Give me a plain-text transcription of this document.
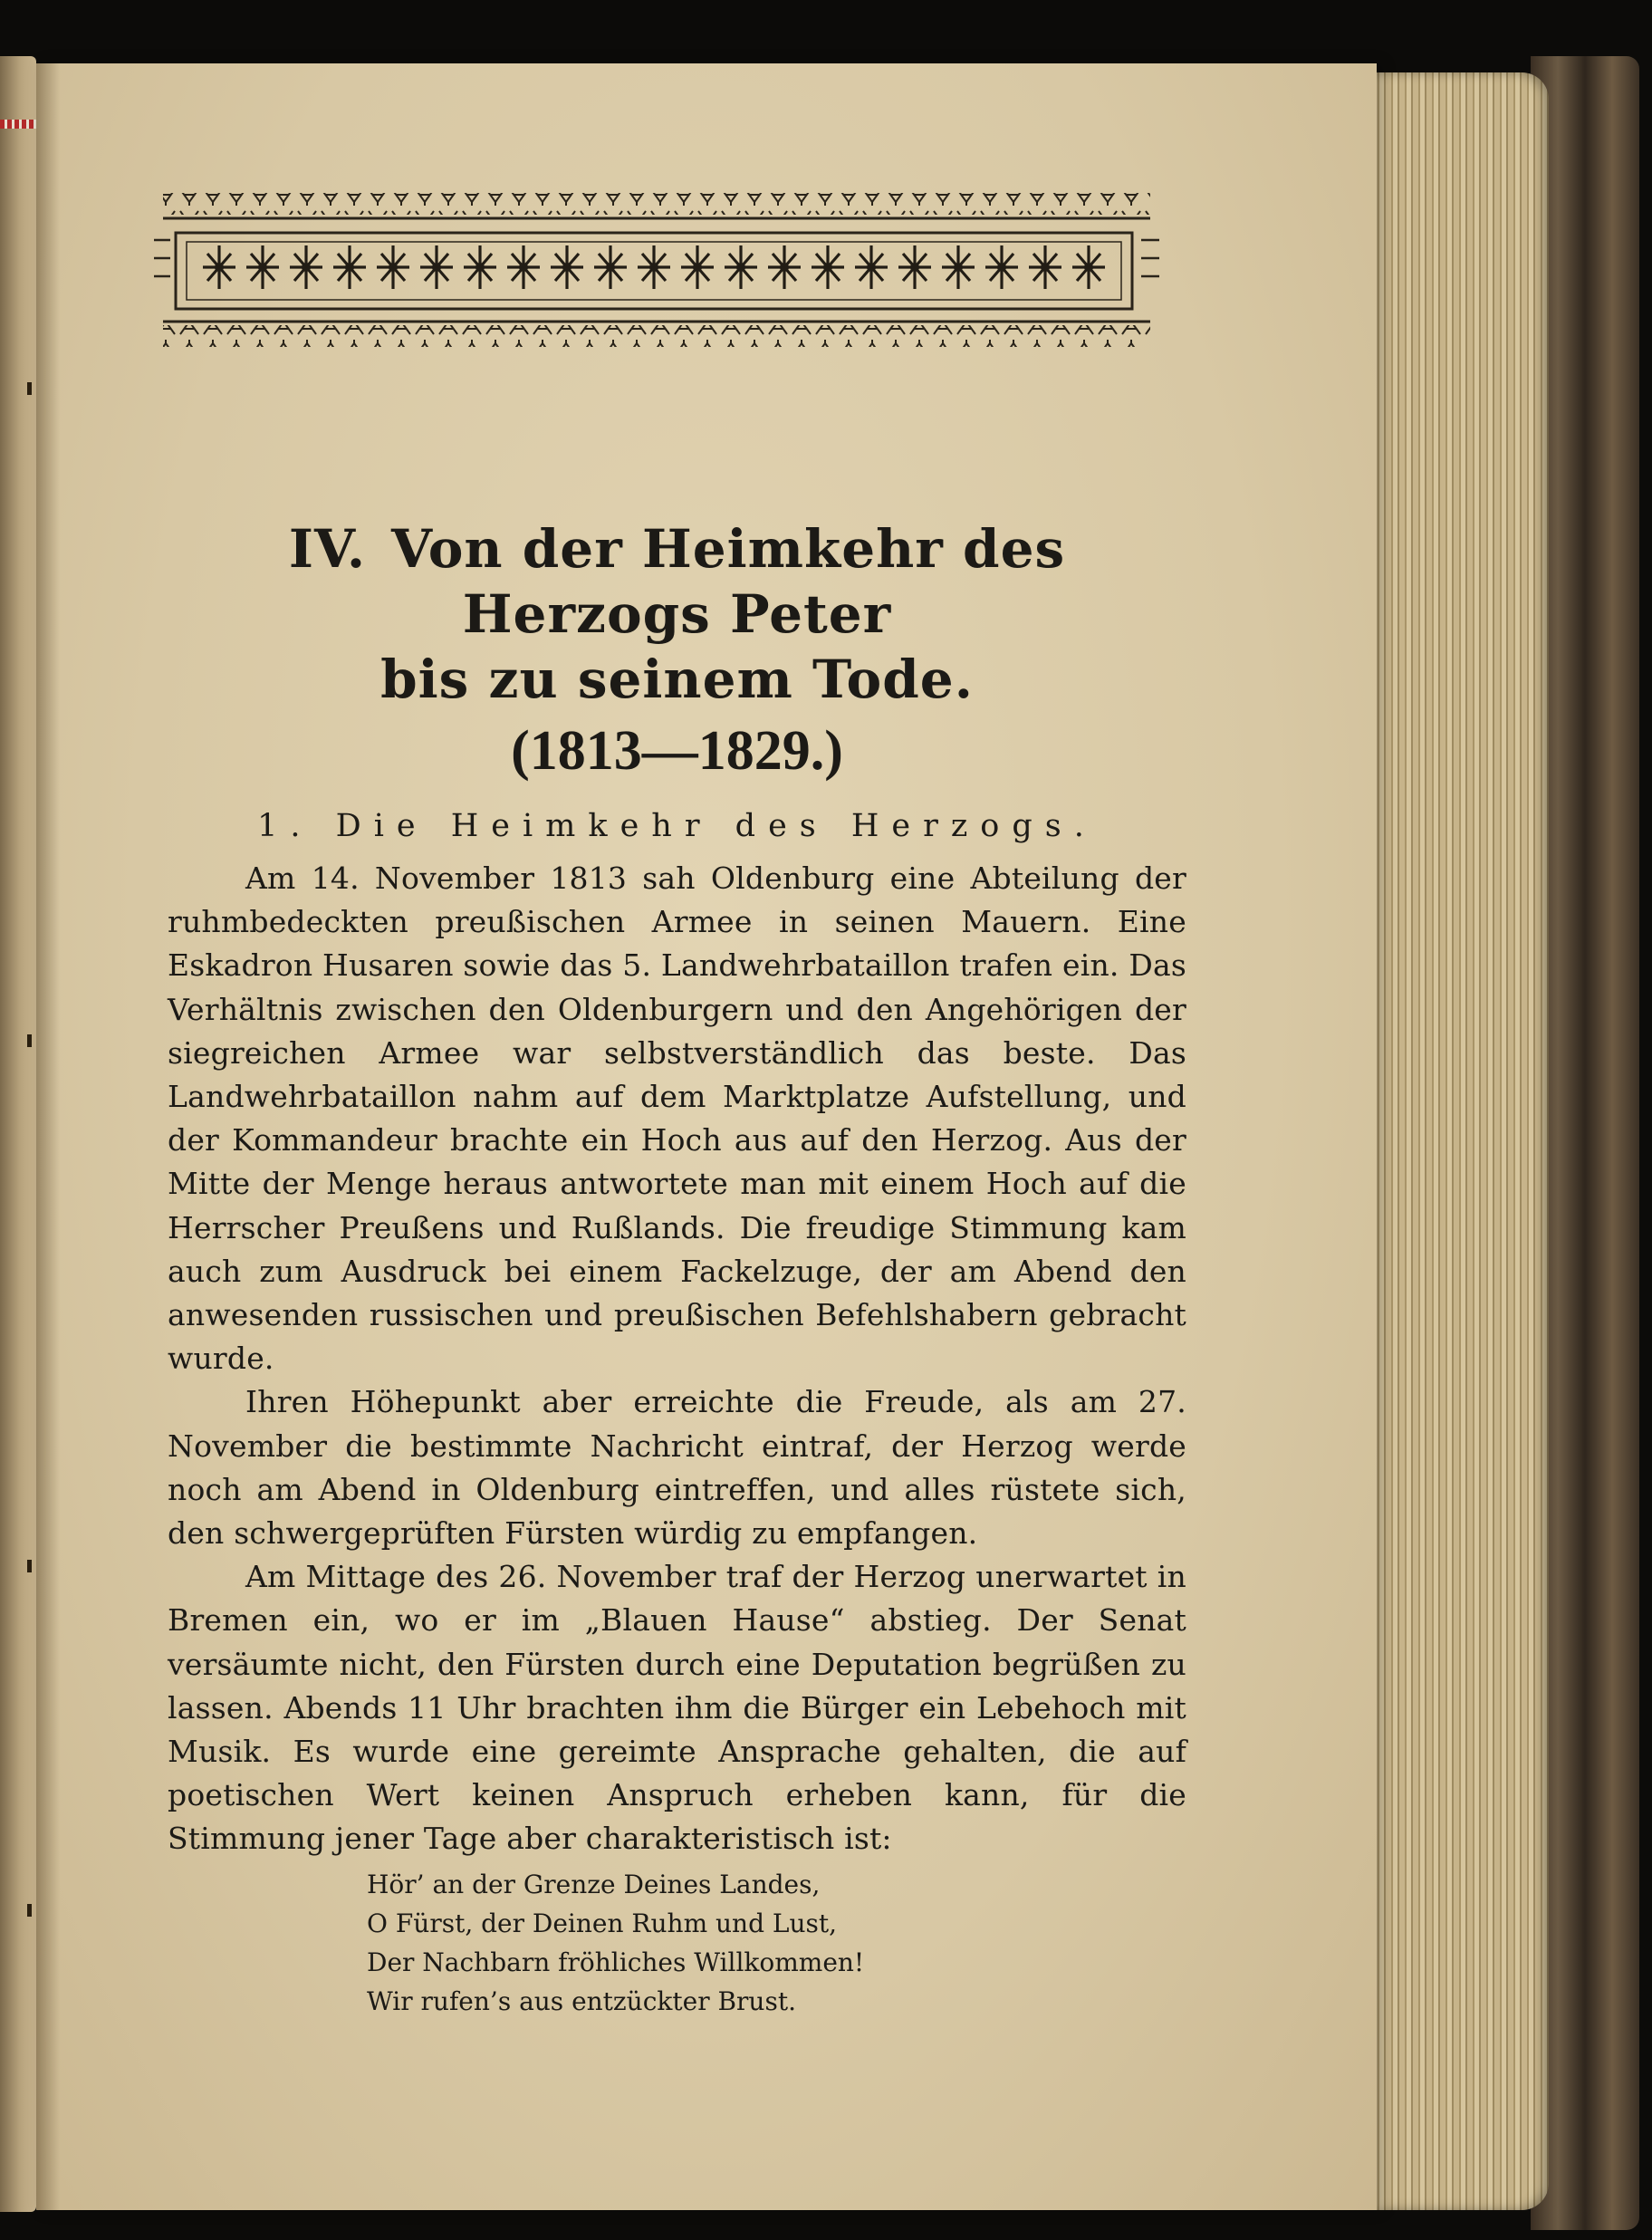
IV. Von der Heimkehr des Herzogs Peter
bis zu seinem Tode.

(1813—1829.)

1. Die Heimkehr des Herzogs.

Am 14. November 1813 sah Oldenburg eine Abteilung der ruhmbedeckten preußischen Armee in seinen Mauern. Eine Eskadron Husaren sowie das 5. Landwehrbataillon trafen ein. Das Verhältnis zwischen den Oldenburgern und den Angehörigen der siegreichen Armee war selbstverständlich das beste. Das Landwehrbataillon nahm auf dem Marktplatze Aufstellung, und der Kommandeur brachte ein Hoch aus auf den Herzog. Aus der Mitte der Menge heraus antwortete man mit einem Hoch auf die Herrscher Preußens und Rußlands. Die freudige Stimmung kam auch zum Ausdruck bei einem Fackelzuge, der am Abend den anwesenden russischen und preußischen Befehlshabern gebracht wurde.

Ihren Höhepunkt aber erreichte die Freude, als am 27. November die bestimmte Nachricht eintraf, der Herzog werde noch am Abend in Oldenburg eintreffen, und alles rüstete sich, den schwergeprüften Fürsten würdig zu empfangen.

Am Mittage des 26. November traf der Herzog unerwartet in Bremen ein, wo er im „Blauen Hause“ abstieg. Der Senat versäumte nicht, den Fürsten durch eine Deputation begrüßen zu lassen. Abends 11 Uhr brachten ihm die Bürger ein Lebehoch mit Musik. Es wurde eine gereimte Ansprache gehalten, die auf poetischen Wert keinen Anspruch erheben kann, für die Stimmung jener Tage aber charakteristisch ist:

Hör’ an der Grenze Deines Landes,
O Fürst, der Deinen Ruhm und Lust,
Der Nachbarn fröhliches Willkommen!
Wir rufen’s aus entzückter Brust.
